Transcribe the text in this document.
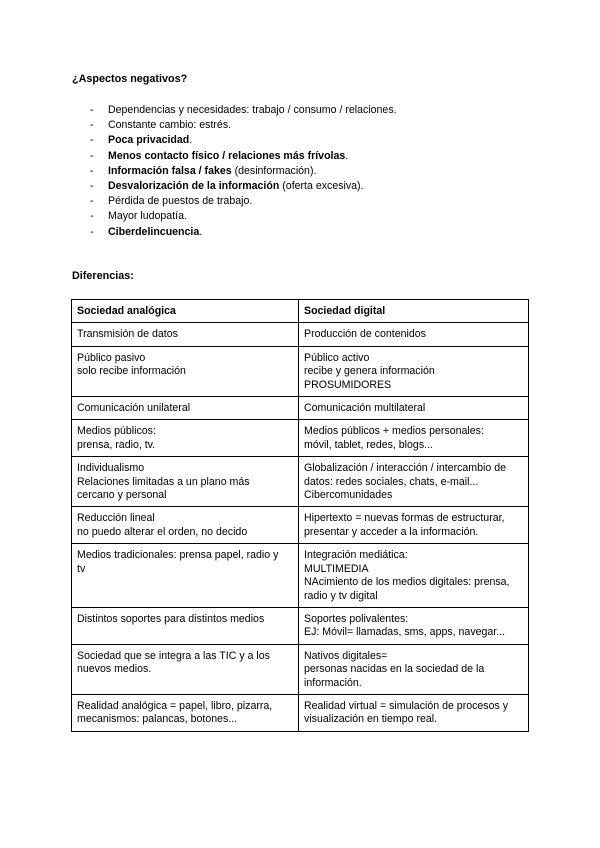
¿Aspectos negativos?
- Dependencias y necesidades: trabajo / consumo / relaciones.
- Constante cambio: estrés.
- Poca privacidad.
- Menos contacto físico / relaciones más frívolas.
- Información falsa / fakes (desinformación).
- Desvalorización de la información (oferta excesiva).
- Pérdida de puestos de trabajo.
- Mayor ludopatía.
- Ciberdelincuencia.
Diferencias:
Sociedad analógica	Sociedad digital

Transmisión de datos	Producción de contenidos

Público pasivo
solo recibe información	Público activo
recibe y genera información
PROSUMIDORES

Comunicación unilateral	Comunicación multilateral

Medios públicos:
prensa, radio, tv.	Medios públicos + medios personales:
móvil, tablet, redes, blogs...

Individualismo
Relaciones limitadas a un plano más
cercano y personal	Globalización / interacción / intercambio de
datos: redes sociales, chats, e-mail...
Cibercomunidades

Reducción lineal
no puedo alterar el orden, no decido	Hipertexto = nuevas formas de estructurar,
presentar y acceder a la información.

Medios tradicionales: prensa papel, radio y
tv	Integración mediática:
MULTIMEDIA
NAcimiento de los medios digitales: prensa,
radio y tv digital

Distintos soportes para distintos medios	Soportes polivalentes:
EJ: Móvil= llamadas, sms, apps, navegar...

Sociedad que se integra a las TIC y a los
nuevos medios.	Nativos digitales=
personas nacidas en la sociedad de la
información.

Realidad analógica = papel, libro, pizarra,
mecanismos: palancas, botones...	Realidad virtual = simulación de procesos y
visualización en tiempo real.
